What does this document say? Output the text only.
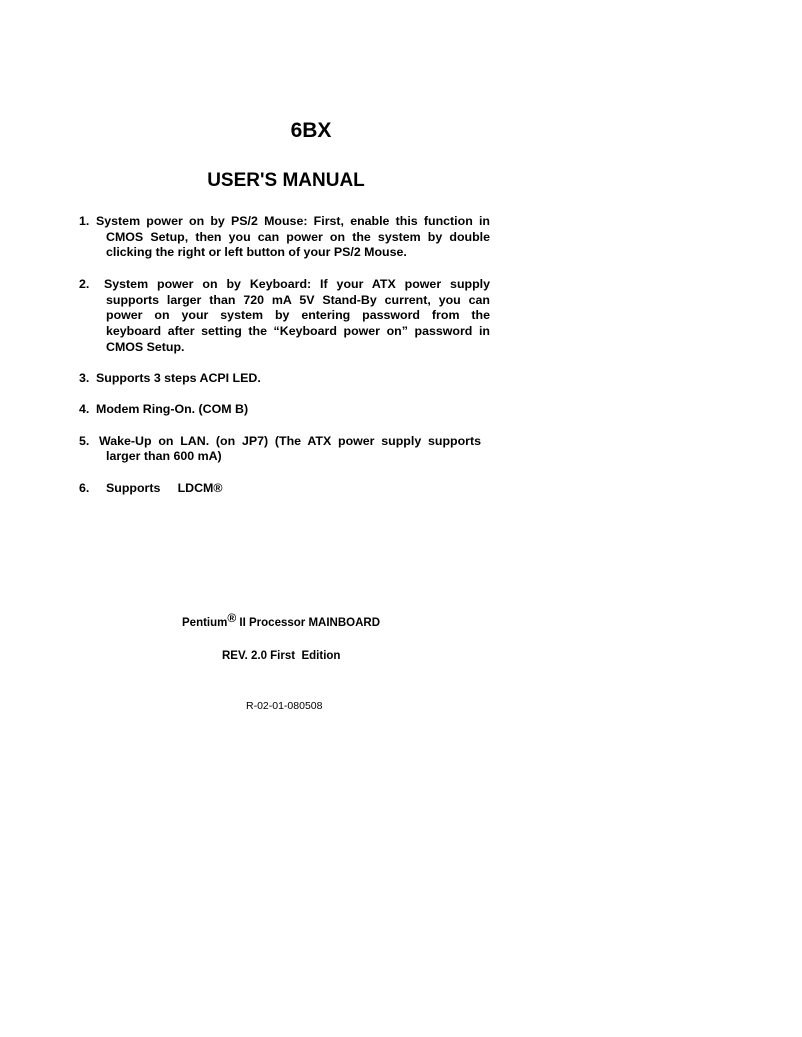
6BX
USER'S MANUAL
1. System power on by PS/2 Mouse: First, enable this function in
CMOS Setup, then you can power on the system by double
clicking the right or left button of your PS/2 Mouse.
2.	System power on by Keyboard: If your ATX power supply
supports larger than 720 mA 5V Stand-By current, you can
power on your system by entering password from the
keyboard after setting the “Keyboard power on” password in
CMOS Setup.
3. Supports 3 steps ACPI LED.
4. Modem Ring-On. (COM B)
5. Wake-Up on LAN. (on JP7) (The ATX power supply supports
larger than 600 mA)
6.	Supports     LDCM®
Pentium® II Processor MAINBOARD
REV. 2.0 First  Edition
R-02-01-080508
